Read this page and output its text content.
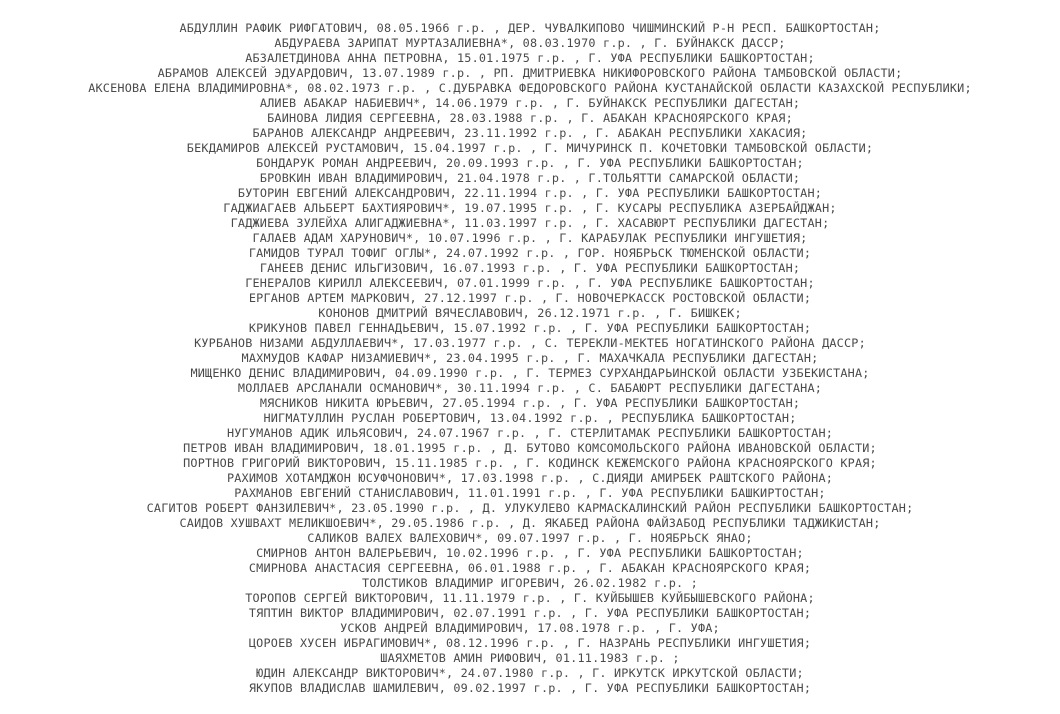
АБДУЛЛИН РАФИК РИФГАТОВИЧ, 08.05.1966 г.р. , ДЕР. ЧУВАЛКИПОВО ЧИШМИНСКИЙ Р-Н РЕСП. БАШКОРТОСТАН;
АБДУРАЕВА ЗАРИПАТ МУРТАЗАЛИЕВНА*, 08.03.1970 г.р. , Г. БУЙНАКСК ДАССР;
АБЗАЛЕТДИНОВА АННА ПЕТРОВНА, 15.01.1975 г.р. , Г. УФА РЕСПУБЛИКИ БАШКОРТОСТАН;
АБРАМОВ АЛЕКСЕЙ ЭДУАРДОВИЧ, 13.07.1989 г.р. , РП. ДМИТРИЕВКА НИКИФОРОВСКОГО РАЙОНА ТАМБОВСКОЙ ОБЛАСТИ;
АКСЕНОВА ЕЛЕНА ВЛАДИМИРОВНА*, 08.02.1973 г.р. , С.ДУБРАВКА ФЕДОРОВСКОГО РАЙОНА КУСТАНАЙСКОЙ ОБЛАСТИ КАЗАХСКОЙ РЕСПУБЛИКИ;
АЛИЕВ АБАКАР НАБИЕВИЧ*, 14.06.1979 г.р. , Г. БУЙНАКСК РЕСПУБЛИКИ ДАГЕСТАН;
БАИНОВА ЛИДИЯ СЕРГЕЕВНА, 28.03.1988 г.р. , Г. АБАКАН КРАСНОЯРСКОГО КРАЯ;
БАРАНОВ АЛЕКСАНДР АНДРЕЕВИЧ, 23.11.1992 г.р. , Г. АБАКАН РЕСПУБЛИКИ ХАКАСИЯ;
БЕКДАМИРОВ АЛЕКСЕЙ РУСТАМОВИЧ, 15.04.1997 г.р. , Г. МИЧУРИНСК П. КОЧЕТОВКИ ТАМБОВСКОЙ ОБЛАСТИ;
БОНДАРУК РОМАН АНДРЕЕВИЧ, 20.09.1993 г.р. , Г. УФА РЕСПУБЛИКИ БАШКОРТОСТАН;
БРОВКИН ИВАН ВЛАДИМИРОВИЧ, 21.04.1978 г.р. , Г.ТОЛЬЯТТИ САМАРСКОЙ ОБЛАСТИ;
БУТОРИН ЕВГЕНИЙ АЛЕКСАНДРОВИЧ, 22.11.1994 г.р. , Г. УФА РЕСПУБЛИКИ БАШКОРТОСТАН;
ГАДЖИАГАЕВ АЛЬБЕРТ БАХТИЯРОВИЧ*, 19.07.1995 г.р. , Г. КУСАРЫ РЕСПУБЛИКА АЗЕРБАЙДЖАН;
ГАДЖИЕВА ЗУЛЕЙХА АЛИГАДЖИЕВНА*, 11.03.1997 г.р. , Г. ХАСАВЮРТ РЕСПУБЛИКИ ДАГЕСТАН;
ГАЛАЕВ АДАМ ХАРУНОВИЧ*, 10.07.1996 г.р. , Г. КАРАБУЛАК РЕСПУБЛИКИ ИНГУШЕТИЯ;
ГАМИДОВ ТУРАЛ ТОФИГ ОГЛЫ*, 24.07.1992 г.р. , ГОР. НОЯБРЬСК ТЮМЕНСКОЙ ОБЛАСТИ;
ГАНЕЕВ ДЕНИС ИЛЬГИЗОВИЧ, 16.07.1993 г.р. , Г. УФА РЕСПУБЛИКИ БАШКОРТОСТАН;
ГЕНЕРАЛОВ КИРИЛЛ АЛЕКСЕЕВИЧ, 07.01.1999 г.р. , Г. УФА РЕСПУБЛИКЕ БАШКОРТОСТАН;
ЕРГАНОВ АРТЕМ МАРКОВИЧ, 27.12.1997 г.р. , Г. НОВОЧЕРКАССК РОСТОВСКОЙ ОБЛАСТИ;
КОНОНОВ ДМИТРИЙ ВЯЧЕСЛАВОВИЧ, 26.12.1971 г.р. , Г. БИШКЕК;
КРИКУНОВ ПАВЕЛ ГЕННАДЬЕВИЧ, 15.07.1992 г.р. , Г. УФА РЕСПУБЛИКИ БАШКОРТОСТАН;
КУРБАНОВ НИЗАМИ АБДУЛЛАЕВИЧ*, 17.03.1977 г.р. , С. ТЕРЕКЛИ-МЕКТЕБ НОГАТИНСКОГО РАЙОНА ДАССР;
МАХМУДОВ КАФАР НИЗАМИЕВИЧ*, 23.04.1995 г.р. , Г. МАХАЧКАЛА РЕСПУБЛИКИ ДАГЕСТАН;
МИЩЕНКО ДЕНИС ВЛАДИМИРОВИЧ, 04.09.1990 г.р. , Г. ТЕРМЕЗ СУРХАНДАРЬИНСКОЙ ОБЛАСТИ УЗБЕКИСТАНА;
МОЛЛАЕВ АРСЛАНАЛИ ОСМАНОВИЧ*, 30.11.1994 г.р. , С. БАБАЮРТ РЕСПУБЛИКИ ДАГЕСТАНА;
МЯСНИКОВ НИКИТА ЮРЬЕВИЧ, 27.05.1994 г.р. , Г. УФА РЕСПУБЛИКИ БАШКОРТОСТАН;
НИГМАТУЛЛИН РУСЛАН РОБЕРТОВИЧ, 13.04.1992 г.р. , РЕСПУБЛИКА БАШКОРТОСТАН;
НУГУМАНОВ АДИК ИЛЬЯСОВИЧ, 24.07.1967 г.р. , Г. СТЕРЛИТАМАК РЕСПУБЛИКИ БАШКОРТОСТАН;
ПЕТРОВ ИВАН ВЛАДИМИРОВИЧ, 18.01.1995 г.р. , Д. БУТОВО КОМСОМОЛЬСКОГО РАЙОНА ИВАНОВСКОЙ ОБЛАСТИ;
ПОРТНОВ ГРИГОРИЙ ВИКТОРОВИЧ, 15.11.1985 г.р. , Г. КОДИНСК КЕЖЕМСКОГО РАЙОНА КРАСНОЯРСКОГО КРАЯ;
РАХИМОВ ХОТАМДЖОН ЮСУФЧОНОВИЧ*, 17.03.1998 г.р. , С.ДИЯДИ АМИРБЕК РАШТСКОГО РАЙОНА;
РАХМАНОВ ЕВГЕНИЙ СТАНИСЛАВОВИЧ, 11.01.1991 г.р. , Г. УФА РЕСПУБЛИКИ БАШКИРТОСТАН;
САГИТОВ РОБЕРТ ФАНЗИЛЕВИЧ*, 23.05.1990 г.р. , Д. УЛУКУЛЕВО КАРМАСКАЛИНСКИЙ РАЙОН РЕСПУБЛИКИ БАШКОРТОСТАН;
САИДОВ ХУШВАХТ МЕЛИКШОЕВИЧ*, 29.05.1986 г.р. , Д. ЯКАБЕД РАЙОНА ФАЙЗАБОД РЕСПУБЛИКИ ТАДЖИКИСТАН;
САЛИКОВ ВАЛЕХ ВАЛЕХОВИЧ*, 09.07.1997 г.р. , Г. НОЯБРЬСК ЯНАО;
СМИРНОВ АНТОН ВАЛЕРЬЕВИЧ, 10.02.1996 г.р. , Г. УФА РЕСПУБЛИКИ БАШКОРТОСТАН;
СМИРНОВА АНАСТАСИЯ СЕРГЕЕВНА, 06.01.1988 г.р. , Г. АБАКАН КРАСНОЯРСКОГО КРАЯ;
ТОЛСТИКОВ ВЛАДИМИР ИГОРЕВИЧ, 26.02.1982 г.р. ;
ТОРОПОВ СЕРГЕЙ ВИКТОРОВИЧ, 11.11.1979 г.р. , Г. КУЙБЫШЕВ КУЙБЫШЕВСКОГО РАЙОНА;
ТЯПТИН ВИКТОР ВЛАДИМИРОВИЧ, 02.07.1991 г.р. , Г. УФА РЕСПУБЛИКИ БАШКОРТОСТАН;
УСКОВ АНДРЕЙ ВЛАДИМИРОВИЧ, 17.08.1978 г.р. , Г. УФА;
ЦОРОЕВ ХУСЕН ИБРАГИМОВИЧ*, 08.12.1996 г.р. , Г. НАЗРАНЬ РЕСПУБЛИКИ ИНГУШЕТИЯ;
ШАЯХМЕТОВ АМИН РИФОВИЧ, 01.11.1983 г.р. ;
ЮДИН АЛЕКСАНДР ВИКТОРОВИЧ*, 24.07.1980 г.р. , Г. ИРКУТСК ИРКУТСКОЙ ОБЛАСТИ;
ЯКУПОВ ВЛАДИСЛАВ ШАМИЛЕВИЧ, 09.02.1997 г.р. , Г. УФА РЕСПУБЛИКИ БАШКОРТОСТАН;
